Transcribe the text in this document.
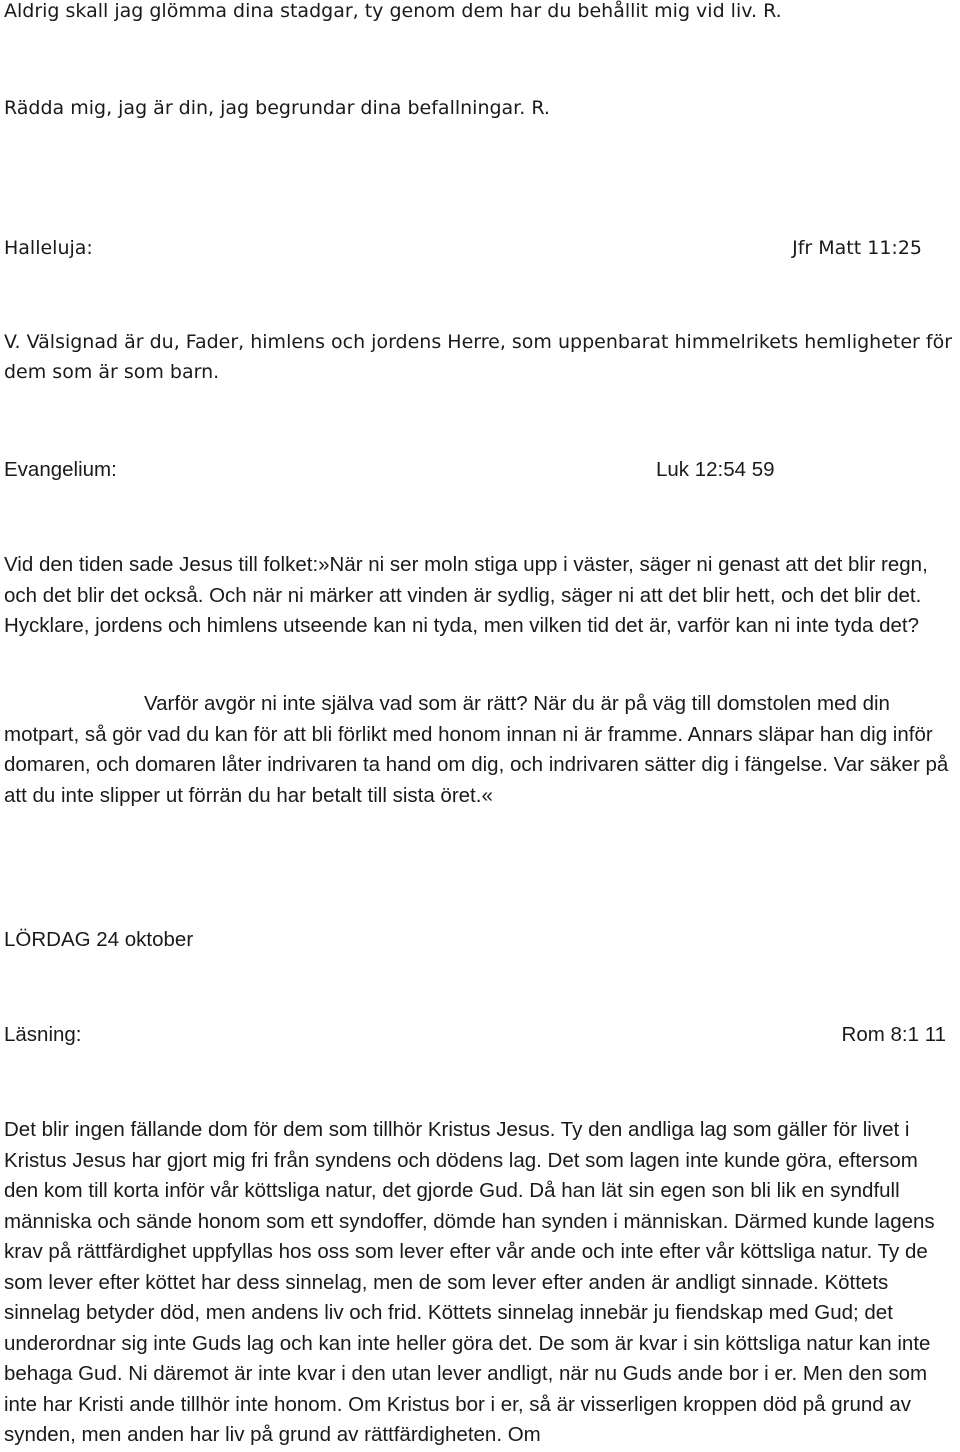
Aldrig skall jag glömma dina stadgar, ty genom dem har du behållit mig vid liv. R.
Rädda mig, jag är din, jag begrundar dina befallningar. R.
Halleluja:	Jfr Matt 11:25

V. Välsignad är du, Fader, himlens och jordens Herre, som uppenbarat himmelrikets hemligheter för dem som är som barn.

Evangelium:	Luk 12:54 59

Vid den tiden sade Jesus till folket:»När ni ser moln stiga upp i väster, säger ni genast att det blir regn, och det blir det också. Och när ni märker att vinden är sydlig, säger ni att det blir hett, och det blir det. Hycklare, jordens och himlens utseende kan ni tyda, men vilken tid det är, varför kan ni inte tyda det?

Varför avgör ni inte själva vad som är rätt? När du är på väg till domstolen med din motpart, så gör vad du kan för att bli förlikt med honom innan ni är framme. Annars släpar han dig inför domaren, och domaren låter indrivaren ta hand om dig, och indrivaren sätter dig i fängelse. Var säker på att du inte slipper ut förrän du har betalt till sista öret.«

LÖRDAG 24 oktober
Läsning:	Rom 8:1 11

Det blir ingen fällande dom för dem som tillhör Kristus Jesus. Ty den andliga lag som gäller för livet i Kristus Jesus har gjort mig fri från syndens och dödens lag. Det som lagen inte kunde göra, eftersom den kom till korta inför vår köttsliga natur, det gjorde Gud. Då han lät sin egen son bli lik en syndfull människa och sände honom som ett syndoffer, dömde han synden i människan. Därmed kunde lagens krav på rättfärdighet uppfyllas hos oss som lever efter vår ande och inte efter vår köttsliga natur. Ty de som lever efter köttet har dess sinnelag, men de som lever efter anden är andligt sinnade. Köttets sinnelag betyder död, men andens liv och frid. Köttets sinnelag innebär ju fiendskap med Gud; det underordnar sig inte Guds lag och kan inte heller göra det. De som är kvar i sin köttsliga natur kan inte behaga Gud. Ni däremot är inte kvar i den utan lever andligt, när nu Guds ande bor i er. Men den som inte har Kristi ande tillhör inte honom. Om Kristus bor i er, så är visserligen kroppen död på grund av synden, men anden har liv på grund av rättfärdigheten. Om
